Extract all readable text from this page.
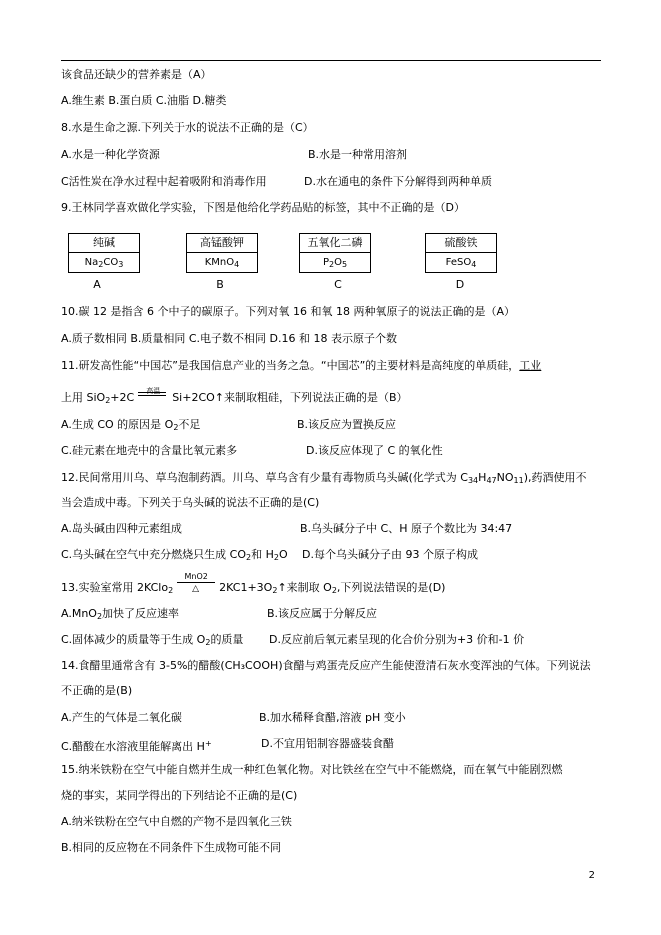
该食品还缺少的营养素是（A）
A.维生素 B.蛋白质 C.油脂 D.糖类
8.水是生命之源.下列关于水的说法不正确的是（C）
A.水是一种化学资源	B.水是一种常用溶剂
C活性炭在净水过程中起着吸附和消毒作用	D.水在通电的条件下分解得到两种单质
9.王林同学喜欢做化学实验，下图是他给化学药品贴的标签，其中不正确的是（D）
纯碱
$Na_2CO_3$
高锰酸钾
KMnO$_4$
五氧化二磷
$P_2O_5$
硫酸铁
FeSO$_4$
A	B	C	D
10.碳 12 是指含 6 个中子的碳原子。下列对氧 16 和氧 18 两种氧原子的说法正确的是（A）
A.质子数相同 B.质量相同 C.电子数不相同 D.16 和 18 表示原子个数
11.研发高性能“中国芯”是我国信息产业的当务之急。“中国芯”的主要材料是高纯度的单质硅，工业
上用 SiO$_2$+2C	高温	Si+2CO↑来制取粗硅，下列说法正确的是（B）
A.生成 CO 的原因是 $O_2$不足	B.该反应为置换反应
C.硅元素在地壳中的含量比氧元素多	D.该反应体现了 C 的氧化性
12.民间常用川乌、草乌泡制药酒。川乌、草乌含有少量有毒物质乌头碱(化学式为 $C_{34}H_{47}NO_{11}$),药酒使用不
当会造成中毒。下列关于乌头碱的说法不正确的是(C)
A.岛头碱由四种元素组成	B.乌头碱分子中 C、H 原子个数比为 34:47
C.乌头碱在空气中充分燃烧只生成 $CO_2$和 $H_2O$ D.每个乌头碱分子由 93 个原子构成
13.实验室常用 2KClo$_2$
MnO2
△ $2KC1+3O_2↑$来制取 $O_2$,下列说法错误的是(D)
A.MnO$_2$加快了反应速率	B.该反应属于分解反应
C.固体减少的质量等于生成 $O_2$的质量 D.反应前后氧元素呈现的化合价分别为+3 价和-1 价
14.食醋里通常含有 3-5%的醋酸(CH₃COOH)食醋与鸡蛋壳反应产生能使澄清石灰水变浑浊的气体。下列说法
不正确的是(B)
A.产生的气体是二氧化碳	B.加水稀释食醋,溶液 pH 变小
C.醋酸在水溶液里能解离出 H+	D.不宜用铝制容器盛装食醋
15.纳米铁粉在空气中能自燃并生成一种红色氧化物。对比铁丝在空气中不能燃烧，而在氧气中能剧烈燃
烧的事实，某同学得出的下列结论不正确的是(C)
A.纳米铁粉在空气中自燃的产物不是四氧化三铁
B.相同的反应物在不同条件下生成物可能不同
2
